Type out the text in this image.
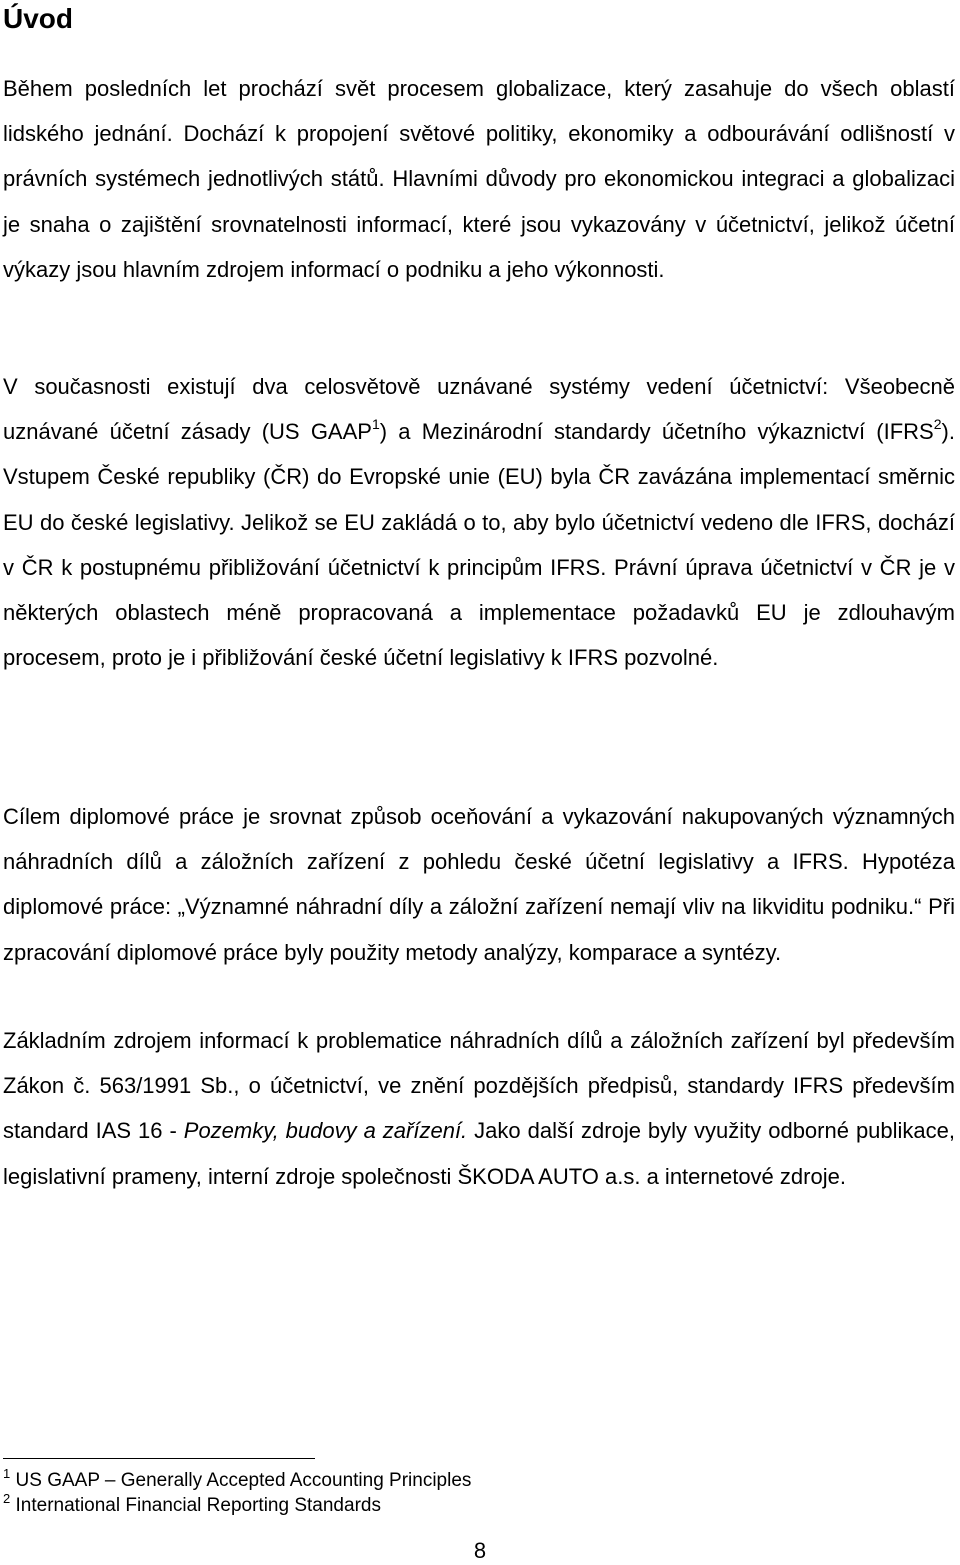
Úvod

Během posledních let prochází svět procesem globalizace, který zasahuje do všech oblastí lidského jednání. Dochází k propojení světové politiky, ekonomiky a odbourávání odlišností v právních systémech jednotlivých států. Hlavními důvody pro ekonomickou integraci a globalizaci je snaha o zajištění srovnatelnosti informací, které jsou vykazovány v účetnictví, jelikož účetní výkazy jsou hlavním zdrojem informací o podniku a jeho výkonnosti.

V současnosti existují dva celosvětově uznávané systémy vedení účetnictví: Všeobecně uznávané účetní zásady (US GAAP$^1$) a Mezinárodní standardy účetního výkaznictví (IFRS$^2$). Vstupem České republiky (ČR) do Evropské unie (EU) byla ČR zavázána implementací směrnic EU do české legislativy. Jelikož se EU zakládá o to, aby bylo účetnictví vedeno dle IFRS, dochází v ČR k postupnému přibližování účetnictví k principům IFRS. Právní úprava účetnictví v ČR je v některých oblastech méně propracovaná a implementace požadavků EU je zdlouhavým procesem, proto je i přibližování české účetní legislativy k IFRS pozvolné.

Cílem diplomové práce je srovnat způsob oceňování a vykazování nakupovaných významných náhradních dílů a záložních zařízení z pohledu české účetní legislativy a IFRS. Hypotéza diplomové práce: „Významné náhradní díly a záložní zařízení nemají vliv na likviditu podniku.“ Při zpracování diplomové práce byly použity metody analýzy, komparace a syntézy.

Základním zdrojem informací k problematice náhradních dílů a záložních zařízení byl především Zákon č. 563/1991 Sb., o účetnictví, ve znění pozdějších předpisů, standardy IFRS především standard IAS 16 - Pozemky, budovy a zařízení. Jako další zdroje byly využity odborné publikace, legislativní prameny, interní zdroje společnosti ŠKODA AUTO a.s. a internetové zdroje.

$^1$ US GAAP – Generally Accepted Accounting Principles
$^2$ International Financial Reporting Standards
8
